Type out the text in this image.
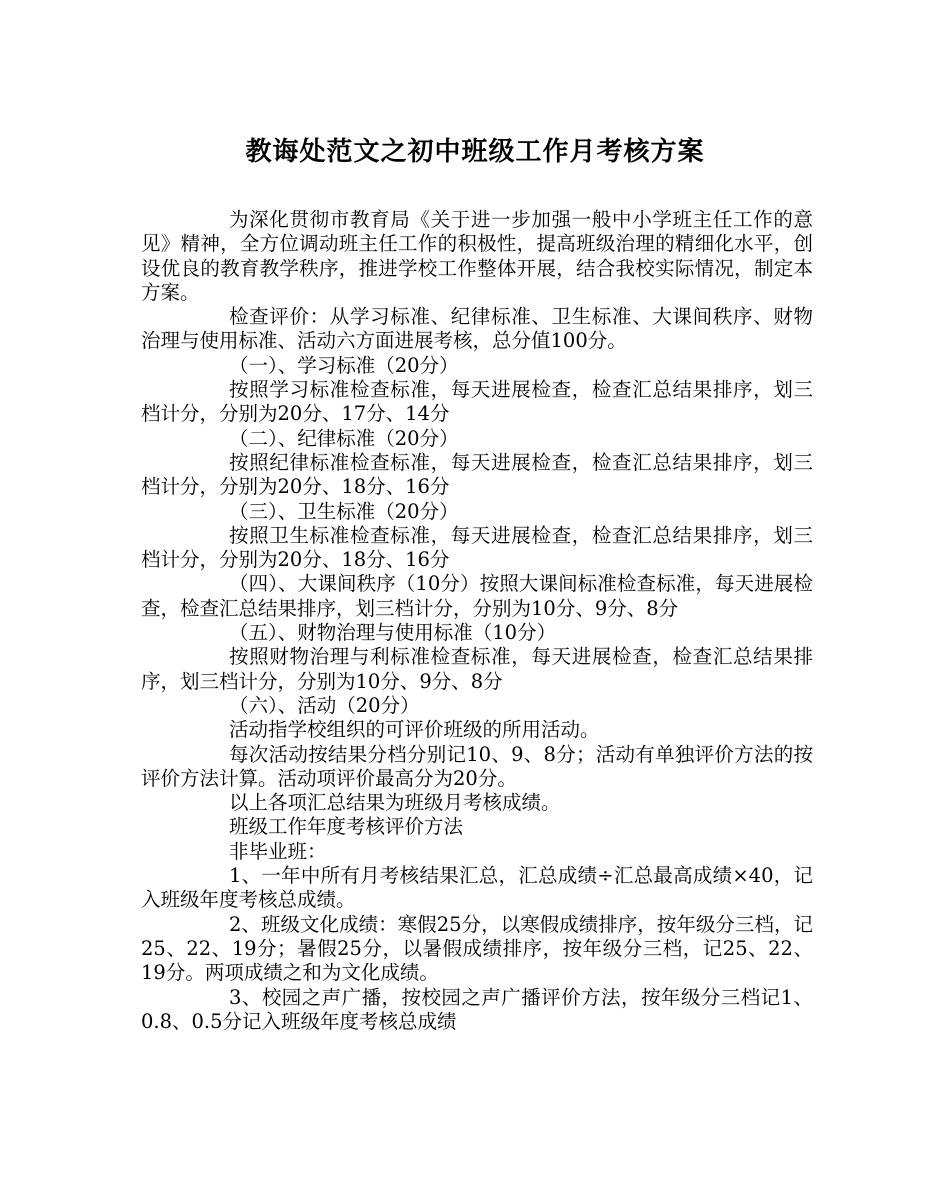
教诲处范文之初中班级工作月考核方案

为深化贯彻市教育局《关于进一步加强一般中小学班主任工作的意见》精神，全方位调动班主任工作的积极性，提高班级治理的精细化水平，创设优良的教育教学秩序，推进学校工作整体开展，结合我校实际情况，制定本方案。

检查评价：从学习标准、纪律标准、卫生标准、大课间秩序、财物治理与使用标准、活动六方面进展考核，总分值100分。

（一）、学习标准（20分）

按照学习标准检查标准，每天进展检查，检查汇总结果排序，划三档计分，分别为20分、17分、14分

（二）、纪律标准（20分）

按照纪律标准检查标准，每天进展检查，检查汇总结果排序，划三档计分，分别为20分、18分、16分

（三）、卫生标准（20分）

按照卫生标准检查标准，每天进展检查，检查汇总结果排序，划三档计分，分别为20分、18分、16分

（四）、大课间秩序（10分）按照大课间标准检查标准，每天进展检查，检查汇总结果排序，划三档计分，分别为10分、9分、8分

（五）、财物治理与使用标准（10分）

按照财物治理与利标准检查标准，每天进展检查，检查汇总结果排序，划三档计分，分别为10分、9分、8分

（六）、活动（20分）

活动指学校组织的可评价班级的所用活动。

每次活动按结果分档分别记10、9、8分；活动有单独评价方法的按评价方法计算。活动项评价最高分为20分。

以上各项汇总结果为班级月考核成绩。

班级工作年度考核评价方法

非毕业班：

1、一年中所有月考核结果汇总，汇总成绩÷汇总最高成绩×40，记入班级年度考核总成绩。

2、班级文化成绩：寒假25分，以寒假成绩排序，按年级分三档，记25、22、19分；暑假25分，以暑假成绩排序，按年级分三档，记25、22、19分。两项成绩之和为文化成绩。

3、校园之声广播，按校园之声广播评价方法，按年级分三档记1、0.8、0.5分记入班级年度考核总成绩
